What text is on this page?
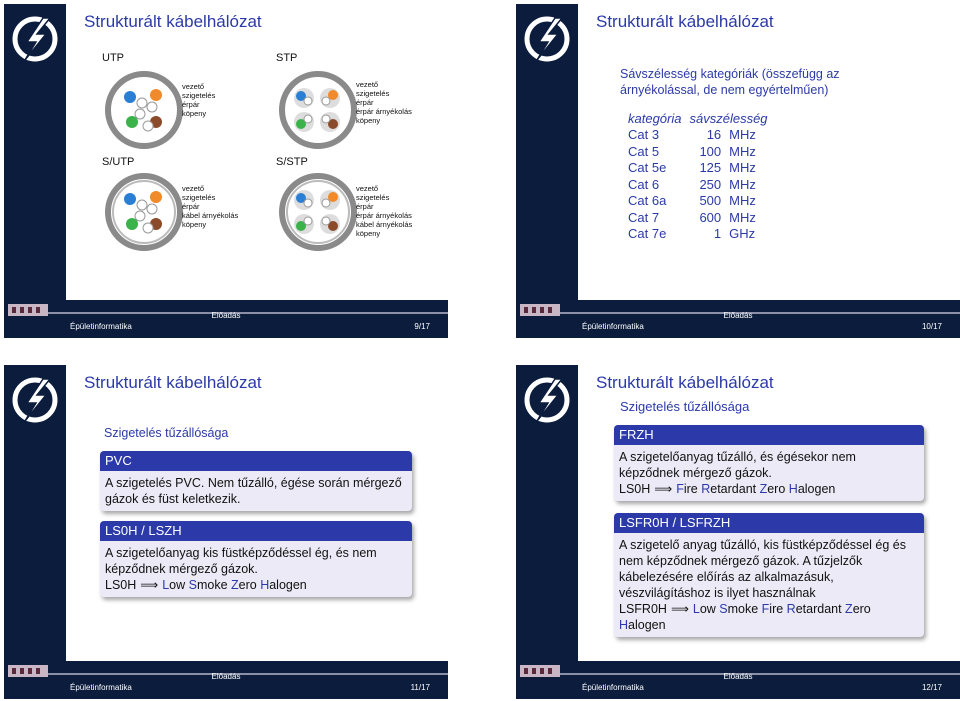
Strukturált kábelhálózat
UTP	STP
S/UTP	S/STP
vezető
szigetelés
érpár
köpeny
vezető
szigetelés
érpár
érpár árnyékolás
köpeny
vezető
szigetelés
érpár
kábel árnyékolás
köpeny
vezető
szigetelés
érpár
érpár árnyékolás
kábel árnyékolás
köpeny
Előadás
Épületinformatika	9/17
Strukturált kábelhálózat
Sávszélesség kategóriák (összefügg az árnyékolással, de nem egyértelműen)
kategória	sávszélesség	
Cat 3	16	MHz
Cat 5	100	MHz
Cat 5e	125	MHz
Cat 6	250	MHz
Cat 6a	500	MHz
Cat 7	600	MHz
Cat 7e	1	GHz
Előadás
Épületinformatika	10/17
Strukturált kábelhálózat
Szigetelés tűzállósága
PVC
A szigetelés PVC. Nem tűzálló, égése során mérgező gázok és füst keletkezik.
LS0H / LSZH
A szigetelőanyag kis füstképződéssel ég, és nem képződnek mérgező gázok.
LS0H ⟹ Low Smoke Zero Halogen
Előadás
Épületinformatika	11/17
Strukturált kábelhálózat
Szigetelés tűzállósága
FRZH
A szigetelőanyag tűzálló, és égésekor nem képződnek mérgező gázok.
LS0H ⟹ Fire Retardant Zero Halogen
LSFR0H / LSFRZH
A szigetelő anyag tűzálló, kis füstképződéssel ég és nem képződnek mérgező gázok. A tűzjelzők kábelezésére előírás az alkalmazásuk, vészvilágításhoz is ilyet használnak
LSFR0H ⟹ Low Smoke Fire Retardant Zero Halogen
Előadás
Épületinformatika	12/17
